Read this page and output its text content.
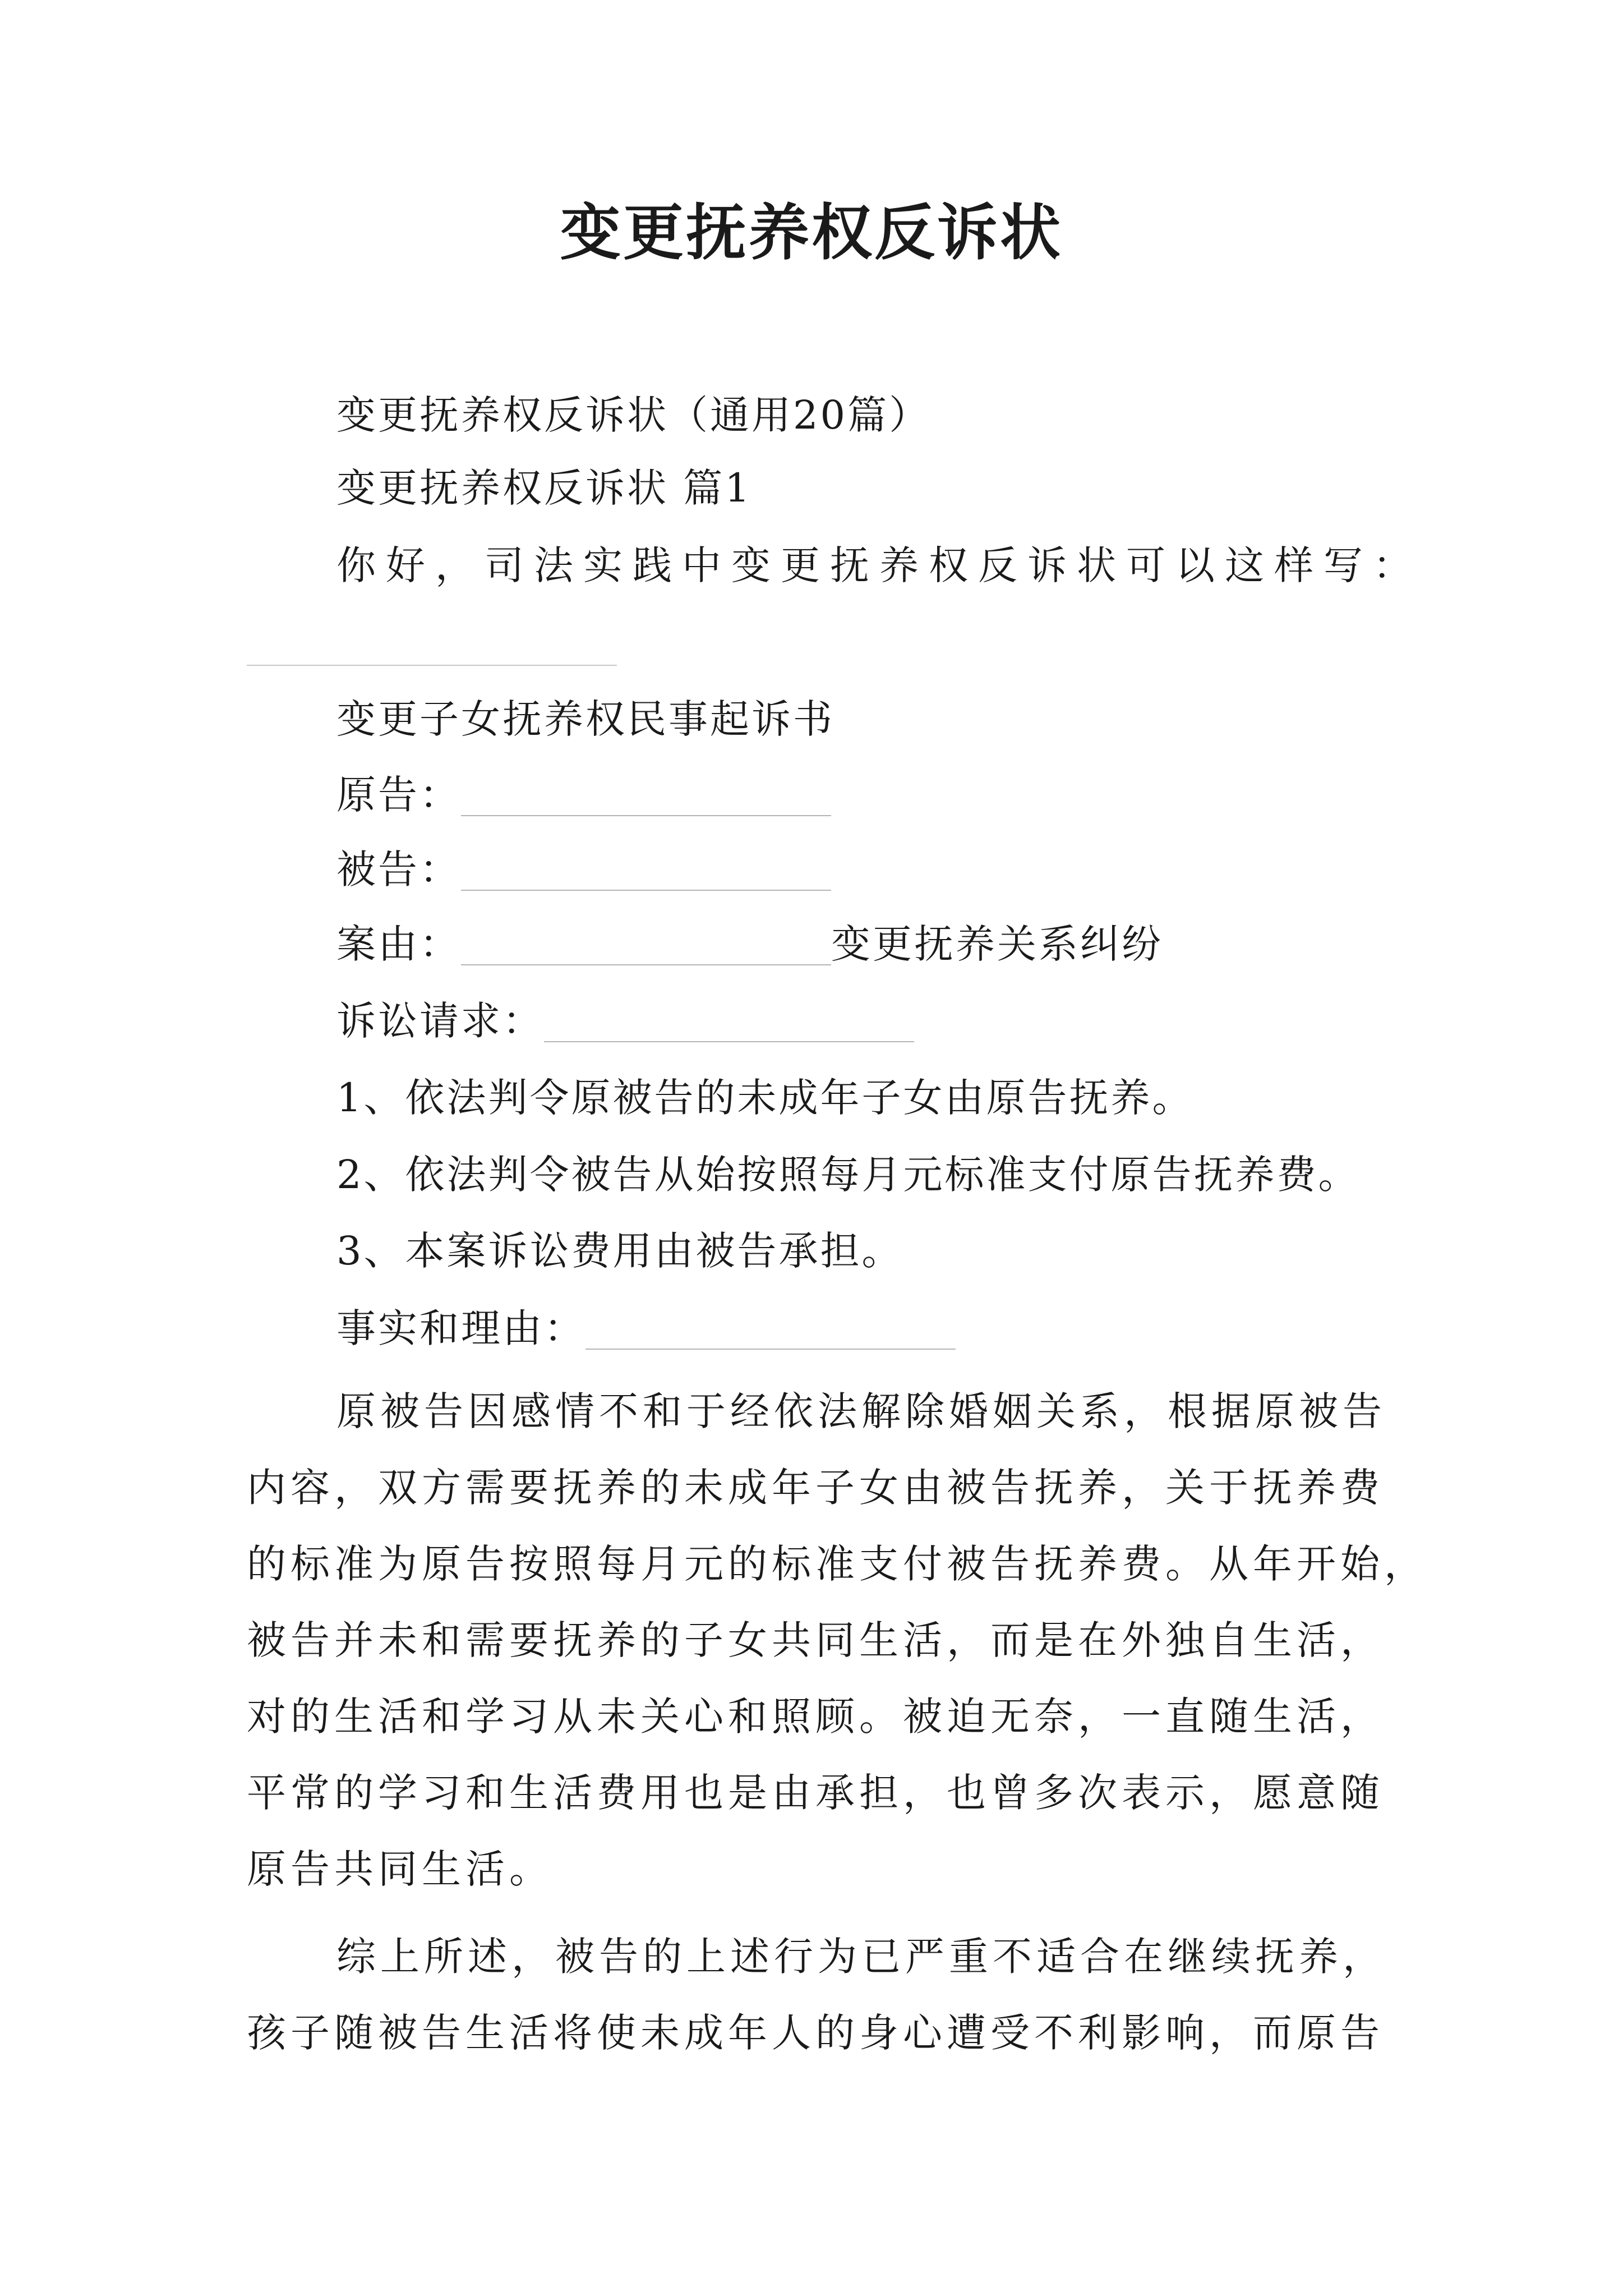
变更抚养权反诉状
变更抚养权反诉状（通用20篇）
变更抚养权反诉状 篇1
你好，司法实践中变更抚养权反诉状可以这样写：
变更子女抚养权民事起诉书
原告：
被告：
案由：	变更抚养关系纠纷
诉讼请求：
1、依法判令原被告的未成年子女由原告抚养。
2、依法判令被告从始按照每月元标准支付原告抚养费。
3、本案诉讼费用由被告承担。
事实和理由：
原被告因感情不和于经依法解除婚姻关系，根据原被告
内容，双方需要抚养的未成年子女由被告抚养，关于抚养费
的标准为原告按照每月元的标准支付被告抚养费。从年开始，
被告并未和需要抚养的子女共同生活，而是在外独自生活，
对的生活和学习从未关心和照顾。被迫无奈，一直随生活，
平常的学习和生活费用也是由承担，也曾多次表示，愿意随
原告共同生活。
综上所述，被告的上述行为已严重不适合在继续抚养，
孩子随被告生活将使未成年人的身心遭受不利影响，而原告
